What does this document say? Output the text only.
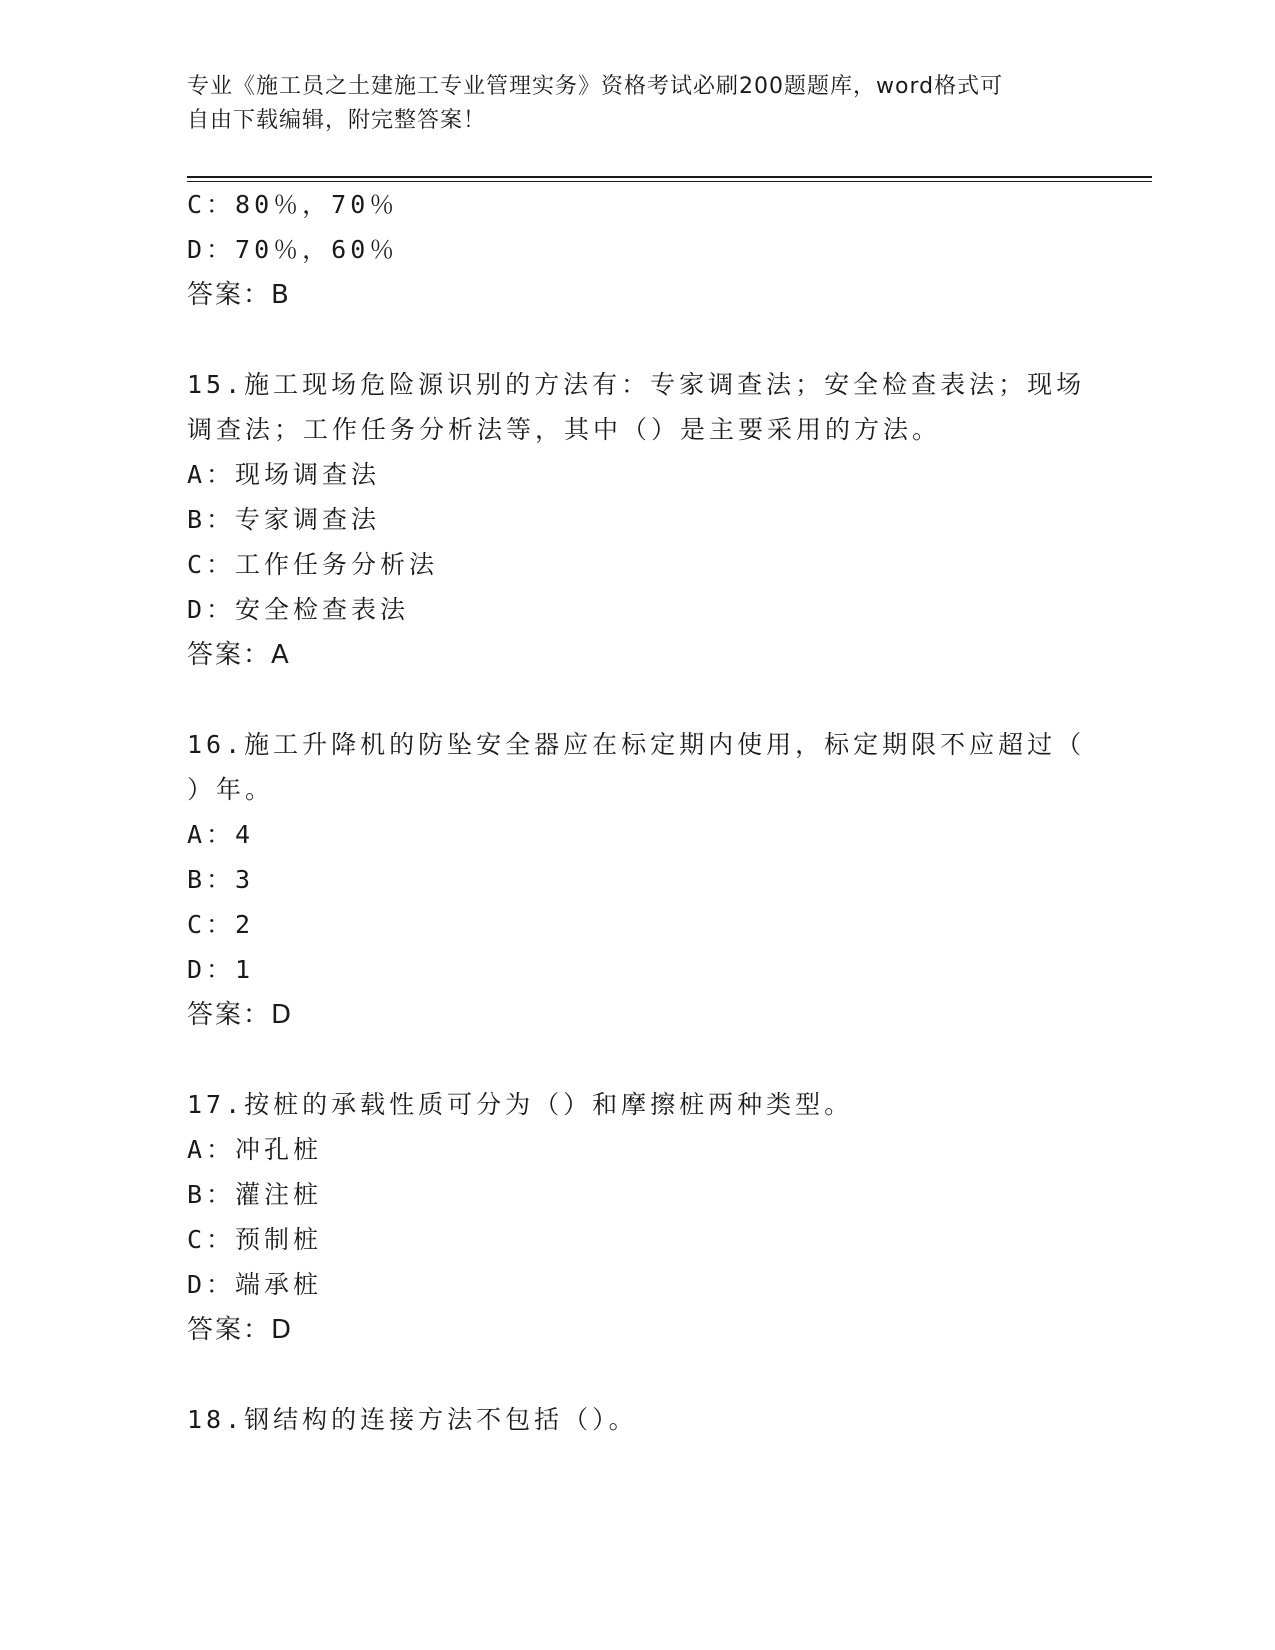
专业《施工员之土建施工专业管理实务》资格考试必刷200题题库，word格式可
自由下载编辑，附完整答案！
C：80％，70％
D：70％，60％
答案：B
15.施工现场危险源识别的方法有：专家调查法；安全检查表法；现场
调查法；工作任务分析法等，其中（）是主要采用的方法。
A：现场调查法
B：专家调查法
C：工作任务分析法
D：安全检查表法
答案：A
16.施工升降机的防坠安全器应在标定期内使用，标定期限不应超过（
）年。
A：4
B：3
C：2
D：1
答案：D
17.按桩的承载性质可分为（）和摩擦桩两种类型。
A：冲孔桩
B：灌注桩
C：预制桩
D：端承桩
答案：D
18.钢结构的连接方法不包括（）。
